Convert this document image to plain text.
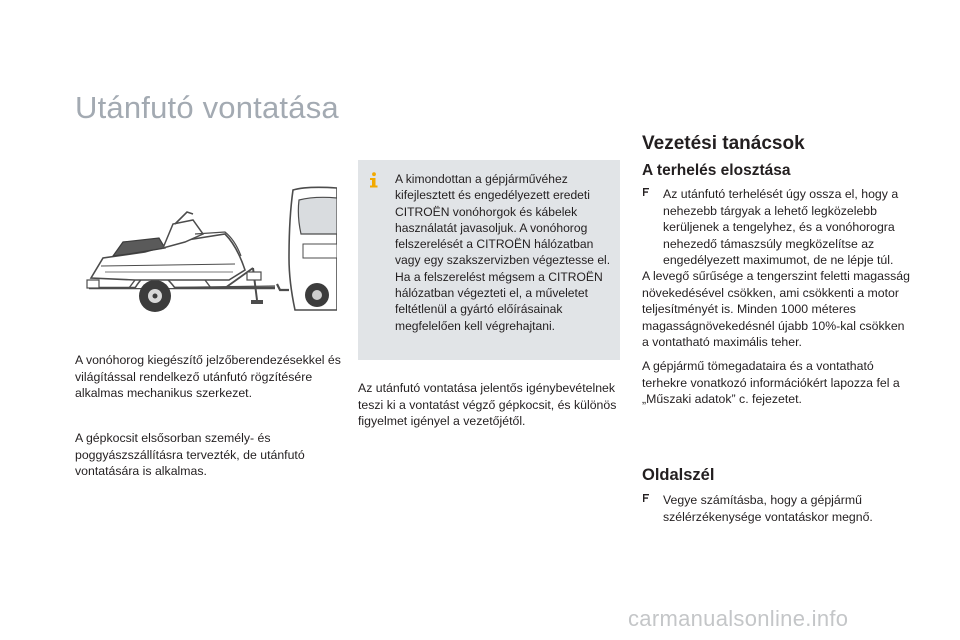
Utánfutó vontatása

A vonóhorog kiegészítő jelzőberendezésekkel és világítással rendelkező utánfutó rögzítésére alkalmas mechanikus szerkezet.

A gépkocsit elsősorban személy- és poggyászszállításra tervezték, de utánfutó vontatására is alkalmas.

A kimondottan a gépjárművéhez kifejlesztett és engedélyezett eredeti CITROËN vonóhorgok és kábelek használatát javasoljuk. A vonóhorog felszerelését a CITROËN hálózatban vagy egy szakszervizben végeztesse el. Ha a felszerelést mégsem a CITROËN hálózatban végezteti el, a műveletet feltétlenül a gyártó előírásainak megfelelően kell végrehajtani.

Az utánfutó vontatása jelentős igénybevételnek teszi ki a vontatást végző gépkocsit, és különös figyelmet igényel a vezetőjétől.

Vezetési tanácsok
A terhelés elosztása
Az utánfutó terhelését úgy ossza el, hogy a nehezebb tárgyak a lehető legközelebb kerüljenek a tengelyhez, és a vonóhorogra nehezedő támaszsúly megközelítse az engedélyezett maximumot, de ne lépje túl.

A levegő sűrűsége a tengerszint feletti magasság növekedésével csökken, ami csökkenti a motor teljesítményét is. Minden 1000 méteres magasságnövekedésnél újabb 10%-kal csökken a vontatható maximális teher.

A gépjármű tömegadataira és a vontatható terhekre vonatkozó információkért lapozza fel a „Műszaki adatok” c. fejezetet.

Oldalszél
Vegye számításba, hogy a gépjármű szélérzékenysége vontatáskor megnő.

carmanualsonline.info
